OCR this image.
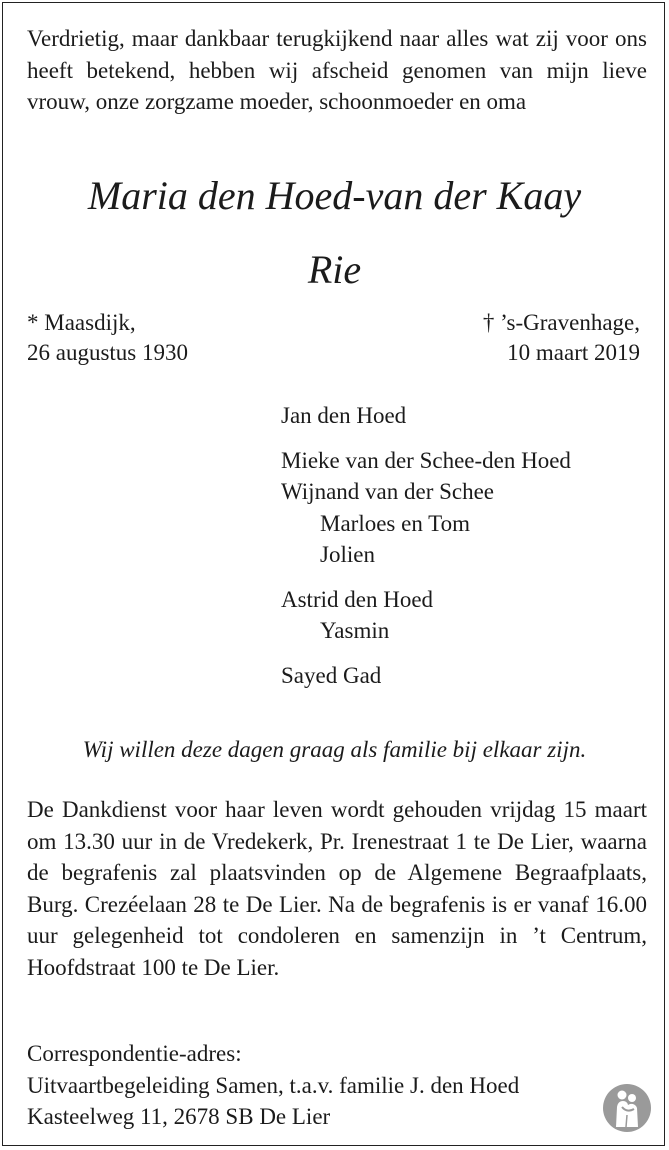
Verdrietig, maar dankbaar terugkijkend naar alles wat zij voor ons heeft betekend, hebben wij afscheid genomen van mijn lieve vrouw, onze zorgzame moeder, schoonmoeder en oma
Maria den Hoed-van der Kaay
Rie
* Maasdijk,
26 augustus 1930
† ’s-Gravenhage,
10 maart 2019
Jan den Hoed
Mieke van der Schee-den Hoed
Wijnand van der Schee
Marloes en Tom
Jolien
Astrid den Hoed
Yasmin
Sayed Gad
Wij willen deze dagen graag als familie bij elkaar zijn.
De Dankdienst voor haar leven wordt gehouden vrijdag 15 maart om 13.30 uur in de Vredekerk, Pr. Irenestraat 1 te De Lier, waarna de begrafenis zal plaatsvinden op de Algemene Begraafplaats, Burg. Crezéelaan 28 te De Lier. Na de begrafenis is er vanaf 16.00 uur gelegenheid tot condoleren en samenzijn in ’t Centrum, Hoofdstraat 100 te De Lier.
Correspondentie-adres:
Uitvaartbegeleiding Samen, t.a.v. familie J. den Hoed
Kasteelweg 11, 2678 SB De Lier
